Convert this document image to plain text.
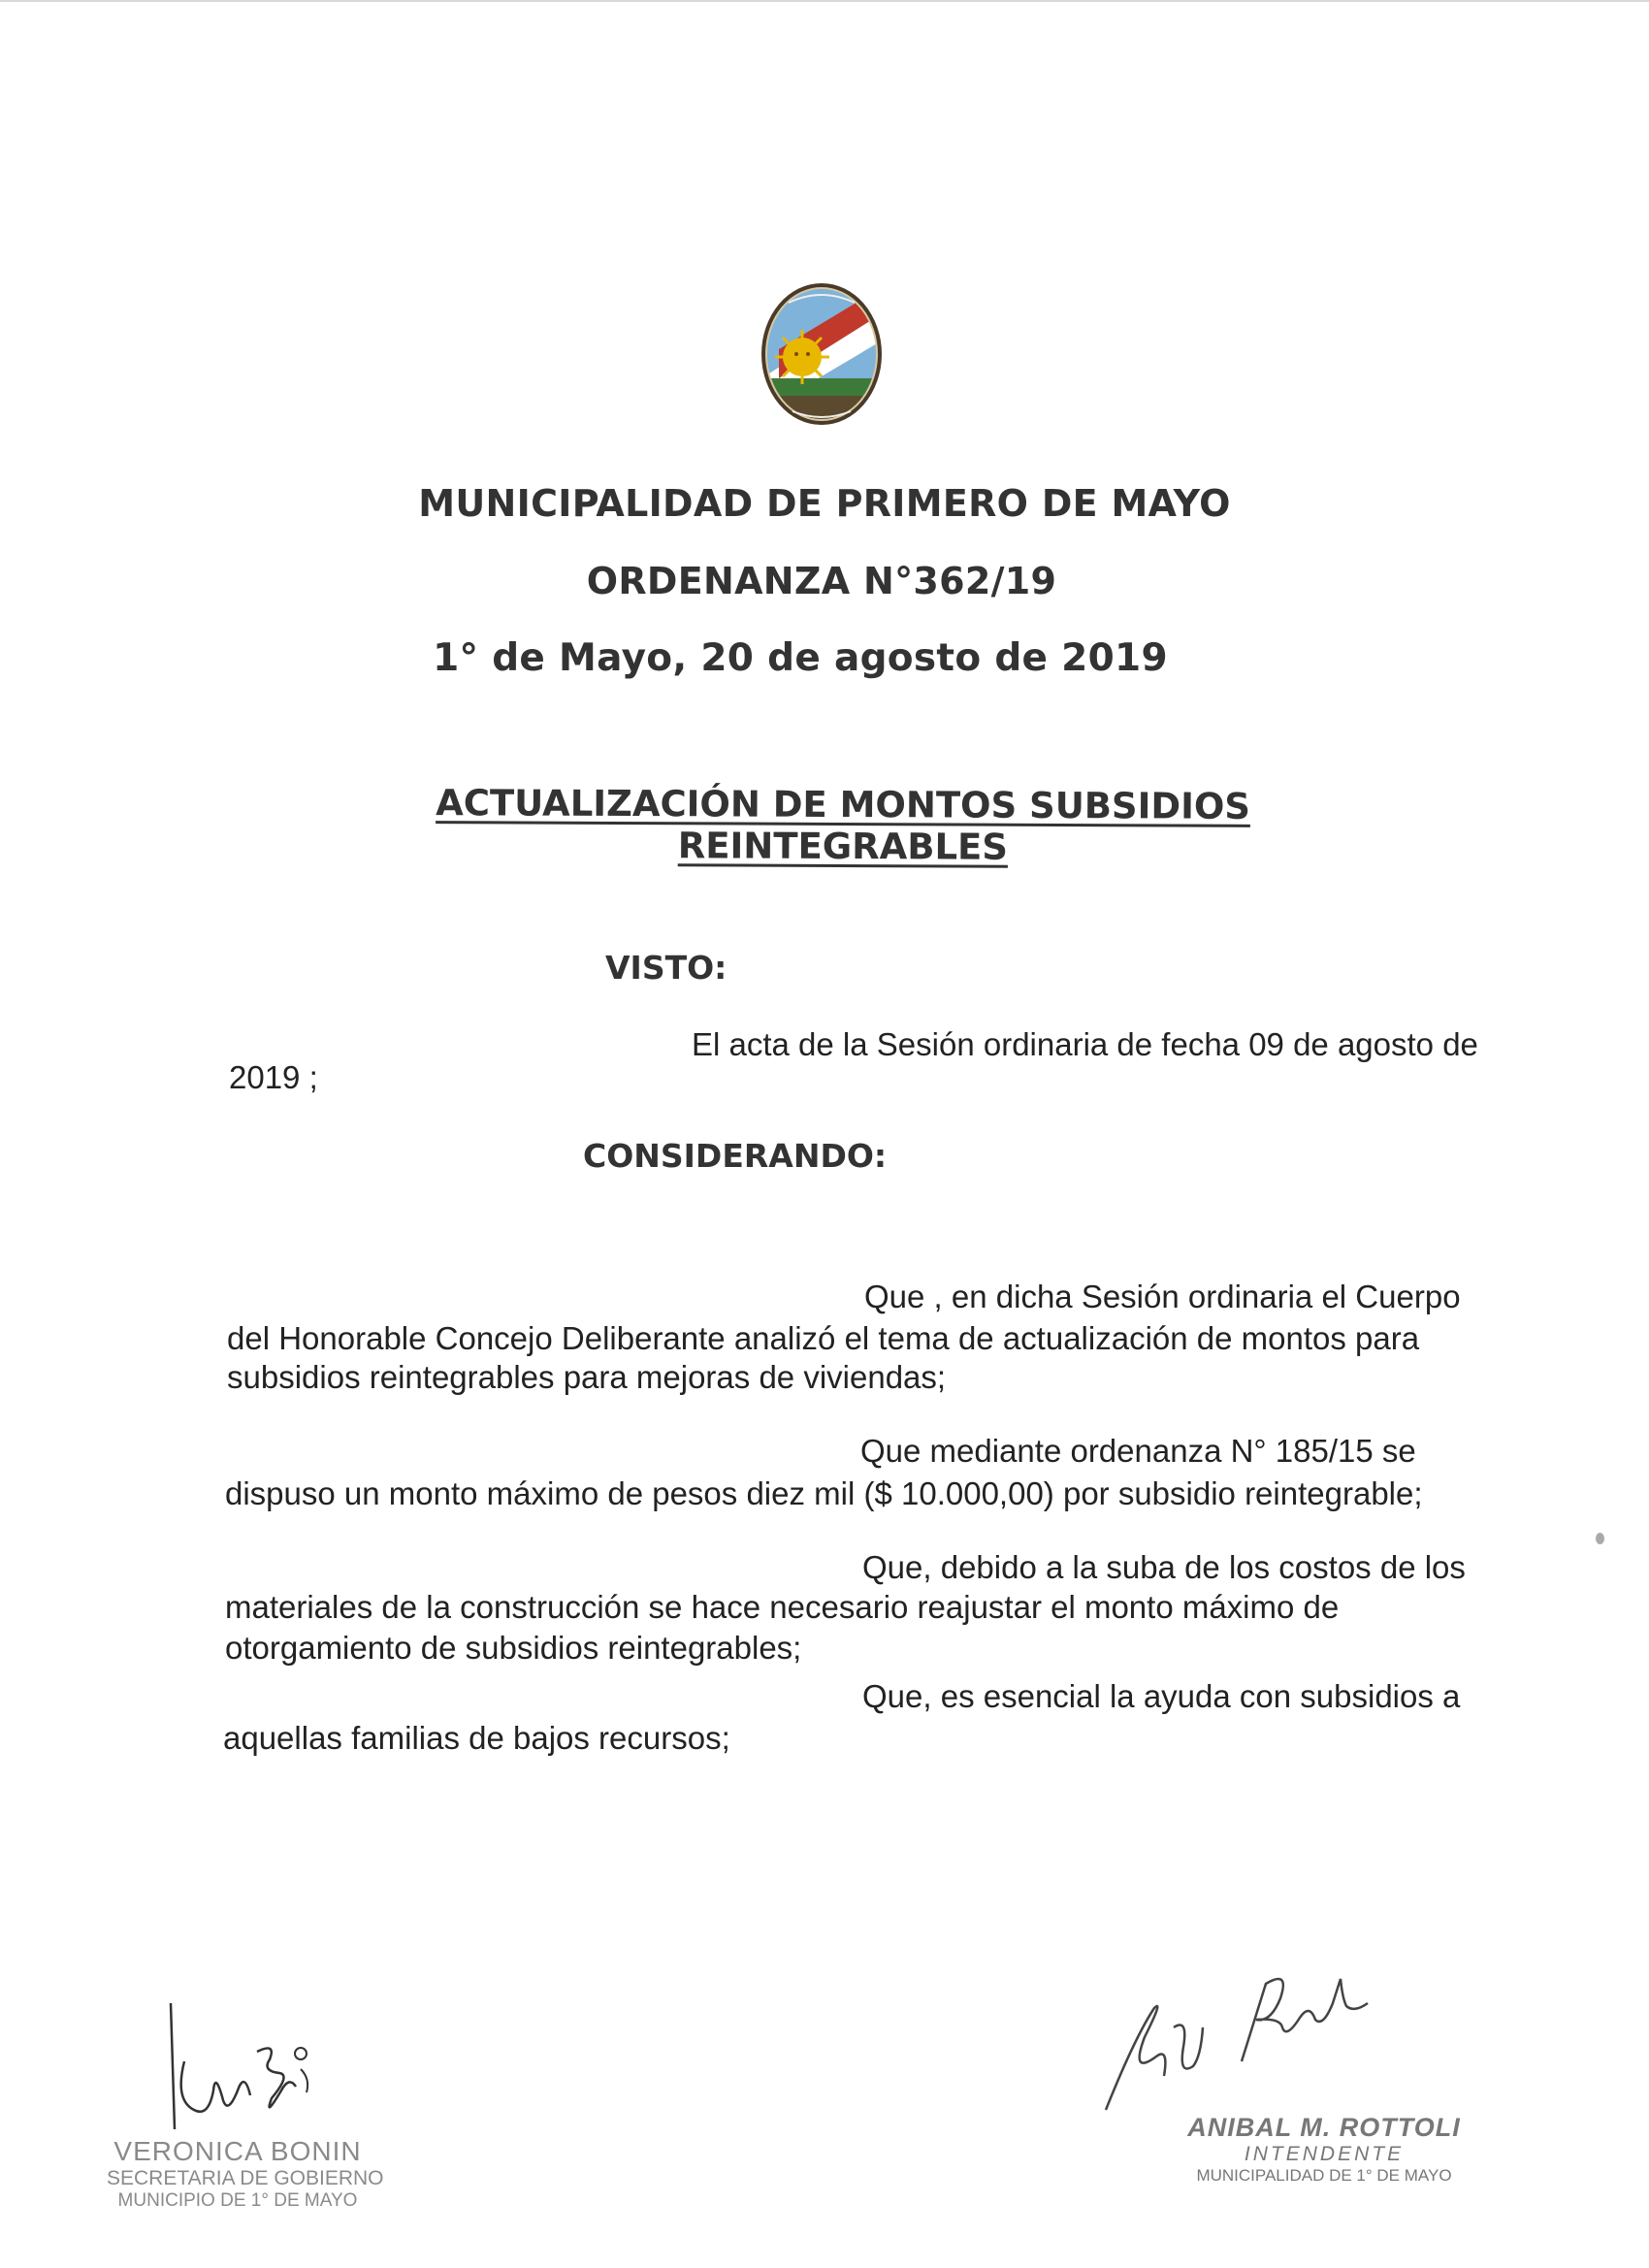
MUNICIPALIDAD DE PRIMERO DE MAYO
ORDENANZA N°362/19
1° de Mayo, 20 de agosto de 2019
ACTUALIZACIÓN DE MONTOS SUBSIDIOS REINTEGRABLES
VISTO:
El acta de la Sesión ordinaria de fecha 09 de agosto de
2019 ;
CONSIDERANDO:
Que , en dicha Sesión ordinaria el Cuerpo
del Honorable Concejo Deliberante analizó el tema de actualización de montos para
subsidios reintegrables para mejoras de viviendas;
Que mediante ordenanza N° 185/15 se
dispuso un monto máximo de pesos diez mil ($ 10.000,00) por subsidio reintegrable;
Que, debido a la suba de los costos de los
materiales de la construcción se hace necesario reajustar el monto máximo de
otorgamiento de subsidios reintegrables;
Que, es esencial la ayuda con subsidios a
aquellas familias de bajos recursos;
VERONICA BONIN
SECRETARIA DE GOBIERNO
MUNICIPIO DE 1° DE MAYO
ANIBAL M. ROTTOLI
INTENDENTE
MUNICIPALIDAD DE 1° DE MAYO
